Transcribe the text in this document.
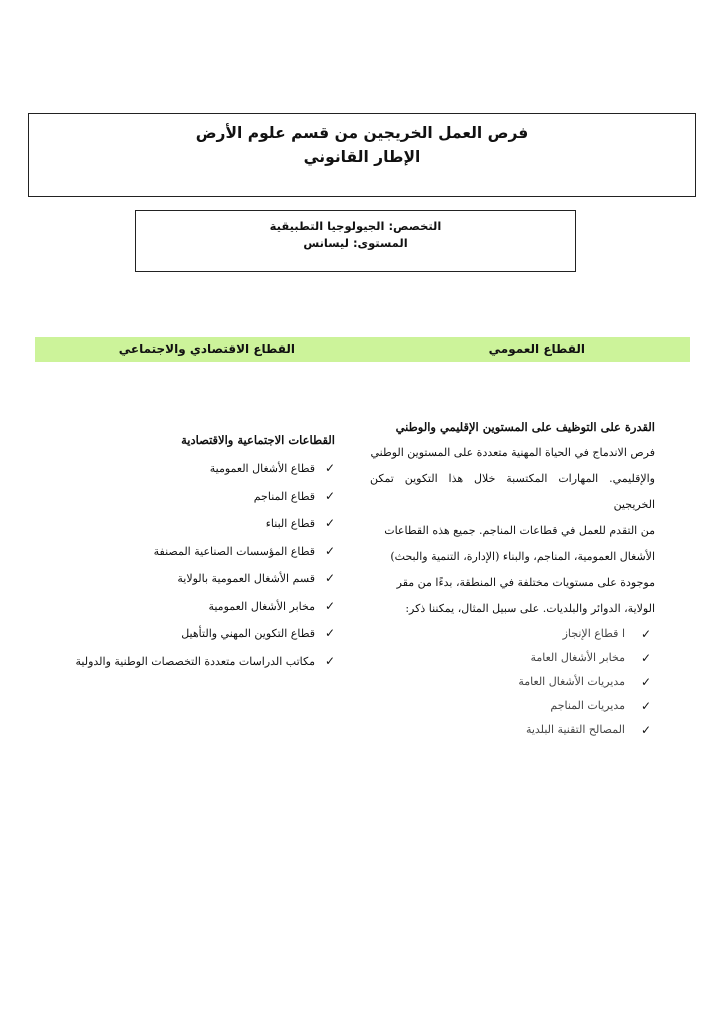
فرص العمل الخريجين من قسم علوم الأرض
الإطار القانوني
التخصص: الجيولوجيا التطبيقية
المستوى: ليسانس
القطاع العمومي
القطاع الاقتصادي والاجتماعي
القدرة على التوظيف على المستوين الإقليمي والوطني

فرص الاندماج في الحياة المهنية متعددة على المستوين الوطني
والإقليمي. المهارات المكتسبة خلال هذا التكوين تمكن الخريجين
من التقدم للعمل في قطاعات المناجم. جميع هذه القطاعات
الأشغال العمومية، المناجم، والبناء (الإدارة، التنمية والبحث)
موجودة على مستويات مختلفة في المنطقة، بدءًا من مقر
الولاية، الدوائر والبلديات. على سبيل المثال، يمكننا ذكر:

✓
ا قطاع الإنجاز
✓
مخابر الأشغال العامة
✓
مديريات الأشغال العامة
✓
مديريات المناجم
✓
المصالح التقنية البلدية
القطاعات الاجتماعية والاقتصادية
✓
قطاع الأشغال العمومية
✓
قطاع المناجم
✓
قطاع البناء
✓
قطاع المؤسسات الصناعية المصنفة
✓
قسم الأشغال العمومية بالولاية
✓
مخابر الأشغال العمومية
✓
قطاع التكوين المهني والتأهيل
✓
مكاتب الدراسات متعددة التخصصات الوطنية والدولية
